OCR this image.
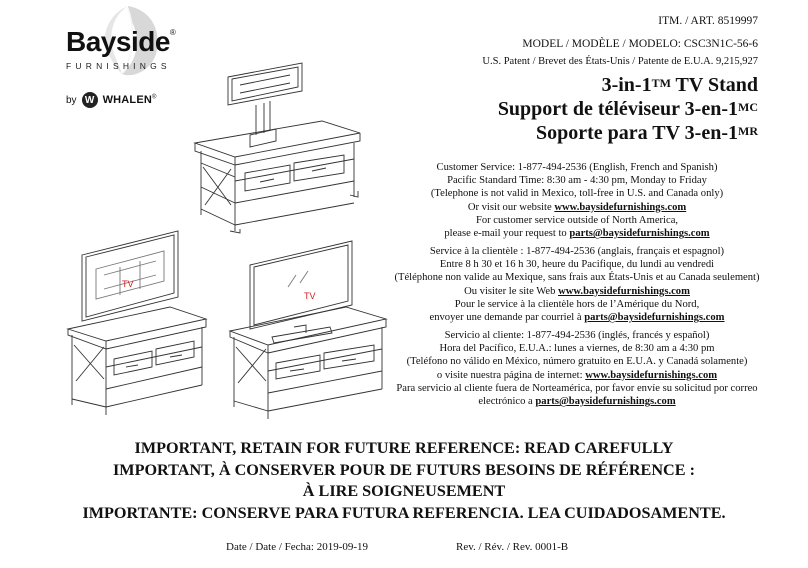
Bayside®
FURNISHINGS
by W WHALEN®
ITM. / ART. 8519997
MODEL / MODÈLE / MODELO: CSC3N1C-56-6
U.S. Patent / Brevet des États-Unis / Patente de E.U.A. 9,215,927
3-in-1™ TV Stand
Support de téléviseur $3-en-1^{MC}$
Soporte para TV $3-en-1^{MR}$
TV
TV
Customer Service: 1-877-494-2536 (English, French and Spanish)
Pacific Standard Time: 8:30 am - 4:30 pm, Monday to Friday
(Telephone is not valid in Mexico, toll-free in U.S. and Canada only)
Or visit our website www.baysidefurnishings.com
For customer service outside of North America,
please e-mail your request to parts@baysidefurnishings.com
Service à la clientèle : 1-877-494-2536 (anglais, français et espagnol)
Entre 8 h 30 et 16 h 30, heure du Pacifique, du lundi au vendredi
(Téléphone non valide au Mexique, sans frais aux États-Unis et au Canada seulement)
Ou visiter le site Web www.baysidefurnishings.com
Pour le service à la clientèle hors de l’Amérique du Nord,
envoyer une demande par courriel à parts@baysidefurnishings.com
Servicio al cliente: 1-877-494-2536 (inglés, francés y español)
Hora del Pacífico, E.U.A.: lunes a viernes, de 8:30 am a 4:30 pm
(Teléfono no válido en México, número gratuito en E.U.A. y Canadá solamente)
o visite nuestra página de internet: www.baysidefurnishings.com
Para servicio al cliente fuera de Norteamérica, por favor envíe su solicitud por correo
electrónico a parts@baysidefurnishings.com
IMPORTANT, RETAIN FOR FUTURE REFERENCE: READ CAREFULLY
IMPORTANT, À CONSERVER POUR DE FUTURS BESOINS DE RÉFÉRENCE :
À LIRE SOIGNEUSEMENT
IMPORTANTE: CONSERVE PARA FUTURA REFERENCIA. LEA CUIDADOSAMENTE.
Date / Date / Fecha: 2019-09-19	Rev. / Rév. / Rev. 0001-B
